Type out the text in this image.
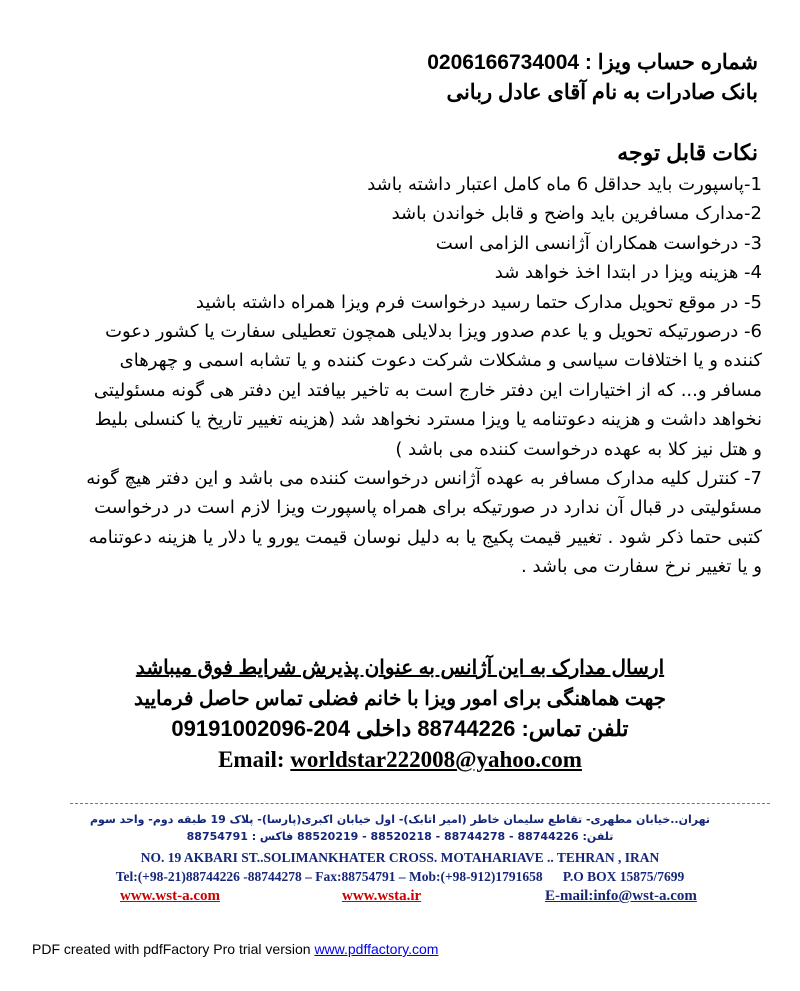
شماره حساب ویزا : 0206166734004
بانک صادرات به نام آقای عادل ربانی
نکات قابل توجه

1-پاسپورت باید حداقل 6 ماه کامل اعتبار داشته باشد

2-مدارک مسافرین باید واضح و قابل خواندن باشد

3- درخواست همکاران آژانسی الزامی است

4- هزینه ویزا در ابتدا اخذ خواهد شد

5- در موقع تحویل مدارک حتما رسید درخواست فرم ویزا همراه داشته باشید

6- درصورتیکه تحویل و یا عدم صدور ویزا بدلایلی همچون تعطیلی سفارت یا کشور دعوت کننده و یا اختلافات سیاسی و مشکلات شرکت دعوت کننده و یا تشابه اسمی و چهرهای مسافر و... که از اختیارات این دفتر خارج است به تاخیر بیافتد این دفتر هی گونه مسئولیتی نخواهد داشت و هزینه دعوتنامه یا ویزا مسترد نخواهد شد (هزینه تغییر تاریخ یا کنسلی بلیط و هتل نیز کلا به عهده درخواست کننده می باشد )

7- کنترل کلیه مدارک مسافر به عهده آژانس درخواست کننده می باشد و این دفتر هیچ گونه مسئولیتی در قبال آن ندارد در صورتیکه برای همراه پاسپورت ویزا لازم است در درخواست کتبی حتما ذکر شود . تغییر قیمت پکیج یا به دلیل نوسان قیمت یورو یا دلار یا هزینه دعوتنامه و یا تغییر نرخ سفارت می باشد .

ارسال مدارک به این آژانس به عنوان پذیرش شرایط فوق میباشد
جهت هماهنگی برای امور ویزا با خانم فضلی تماس حاصل فرمایید
تلفن تماس: 88744226 داخلی 204-09191002096
Email: worldstar222008@yahoo.com
تهران..خیابان مطهری- تقاطع سلیمان خاطر (امیر اتابک)- اول خیابان اکبری(پارسا)- پلاک 19 طبقه دوم- واحد سوم
تلفن: 88744226 - 88744278 - 88520218 - 88520219 فاکس : 88754791
NO. 19 AKBARI ST..SOLIMANKHATER CROSS. MOTAHARIAVE .. TEHRAN , IRAN
Tel:(+98-21)88744226 -88744278 – Fax:88754791 – Mob:(+98-912)1791658      P.O BOX 15875/7699
www.wst-a.com	www.wsta.ir	E-mail:info@wst-a.com
PDF created with pdfFactory Pro trial version www.pdffactory.com
